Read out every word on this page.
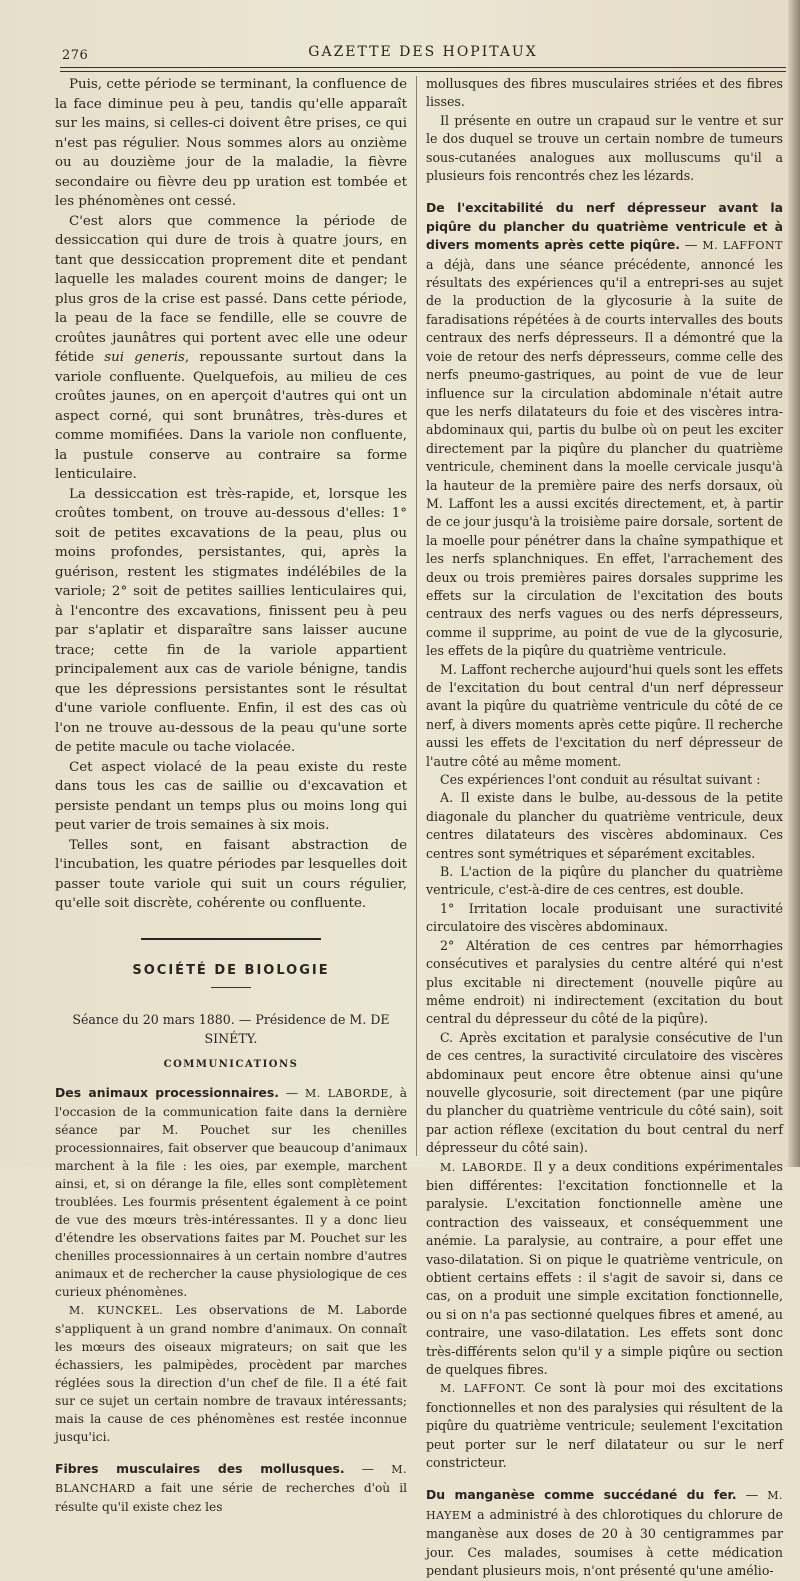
276	GAZETTE DES HOPITAUX

Puis, cette période se terminant, la confluence de la face diminue peu à peu, tandis qu'elle apparaît sur les mains, si celles-ci doivent être prises, ce qui n'est pas régulier. Nous sommes alors au onzième ou au douzième jour de la maladie, la fièvre secondaire ou fièvre deu pp uration est tombée et les phénomènes ont cessé.

C'est alors que commence la période de dessiccation qui dure de trois à quatre jours, en tant que dessiccation proprement dite et pendant laquelle les malades courent moins de danger; le plus gros de la crise est passé. Dans cette période, la peau de la face se fendille, elle se couvre de croûtes jaunâtres qui portent avec elle une odeur fétide sui generis, repoussante surtout dans la variole confluente. Quelquefois, au milieu de ces croûtes jaunes, on en aperçoit d'autres qui ont un aspect corné, qui sont brunâtres, très-dures et comme momifiées. Dans la variole non confluente, la pustule conserve au contraire sa forme lenticulaire.

La dessiccation est très-rapide, et, lorsque les croûtes tombent, on trouve au-dessous d'elles: 1° soit de petites excavations de la peau, plus ou moins profondes, persistantes, qui, après la guérison, restent les stigmates indélébiles de la variole; 2° soit de petites saillies lenticulaires qui, à l'encontre des excavations, finissent peu à peu par s'aplatir et disparaître sans laisser aucune trace; cette fin de la variole appartient principalement aux cas de variole bénigne, tandis que les dépressions persistantes sont le résultat d'une variole confluente. Enfin, il est des cas où l'on ne trouve au-dessous de la peau qu'une sorte de petite macule ou tache violacée.

Cet aspect violacé de la peau existe du reste dans tous les cas de saillie ou d'excavation et persiste pendant un temps plus ou moins long qui peut varier de trois semaines à six mois.

Telles sont, en faisant abstraction de l'incubation, les quatre périodes par lesquelles doit passer toute variole qui suit un cours régulier, qu'elle soit discrète, cohérente ou confluente.

SOCIÉTÉ DE BIOLOGIE
Séance du 20 mars 1880. — Présidence de M. DE SINÉTY.
COMMUNICATIONS

Des animaux processionnaires. — M. LABORDE, à l'occasion de la communication faite dans la dernière séance par M. Pouchet sur les chenilles processionnaires, fait observer que beaucoup d'animaux marchent à la file : les oies, par exemple, marchent ainsi, et, si on dérange la file, elles sont complètement troublées. Les fourmis présentent également à ce point de vue des mœurs très-intéressantes. Il y a donc lieu d'étendre les observations faites par M. Pouchet sur les chenilles processionnaires à un certain nombre d'autres animaux et de rechercher la cause physiologique de ces curieux phénomènes.

M. KUNCKEL. Les observations de M. Laborde s'appliquent à un grand nombre d'animaux. On connaît les mœurs des oiseaux migrateurs; on sait que les échassiers, les palmipèdes, procèdent par marches réglées sous la direction d'un chef de file. Il a été fait sur ce sujet un certain nombre de travaux intéressants; mais la cause de ces phénomènes est restée inconnue jusqu'ici.

Fibres musculaires des mollusques. — M. BLANCHARD a fait une série de recherches d'où il résulte qu'il existe chez les

mollusques des fibres musculaires striées et des fibres lisses.

Il présente en outre un crapaud sur le ventre et sur le dos duquel se trouve un certain nombre de tumeurs sous-cutanées analogues aux molluscums qu'il a plusieurs fois rencontrés chez les lézards.

De l'excitabilité du nerf dépresseur avant la piqûre du plancher du quatrième ventricule et à divers moments après cette piqûre. — M. LAFFONT a déjà, dans une séance précédente, annoncé les résultats des expériences qu'il a entrepri-ses au sujet de la production de la glycosurie à la suite de faradisations répétées à de courts intervalles des bouts centraux des nerfs dépresseurs. Il a démontré que la voie de retour des nerfs dépresseurs, comme celle des nerfs pneumo-gastriques, au point de vue de leur influence sur la circulation abdominale n'était autre que les nerfs dilatateurs du foie et des viscères intra-abdominaux qui, partis du bulbe où on peut les exciter directement par la piqûre du plancher du quatrième ventricule, cheminent dans la moelle cervicale jusqu'à la hauteur de la première paire des nerfs dorsaux, où M. Laffont les a aussi excités directement, et, à partir de ce jour jusqu'à la troisième paire dorsale, sortent de la moelle pour pénétrer dans la chaîne sympathique et les nerfs splanchniques. En effet, l'arrachement des deux ou trois premières paires dorsales supprime les effets sur la circulation de l'excitation des bouts centraux des nerfs vagues ou des nerfs dépresseurs, comme il supprime, au point de vue de la glycosurie, les effets de la piqûre du quatrième ventricule.

M. Laffont recherche aujourd'hui quels sont les effets de l'excitation du bout central d'un nerf dépresseur avant la piqûre du quatrième ventricule du côté de ce nerf, à divers moments après cette piqûre. Il recherche aussi les effets de l'excitation du nerf dépresseur de l'autre côté au même moment.

Ces expériences l'ont conduit au résultat suivant :

A. Il existe dans le bulbe, au-dessous de la petite diagonale du plancher du quatrième ventricule, deux centres dilatateurs des viscères abdominaux. Ces centres sont symétriques et séparément excitables.

B. L'action de la piqûre du plancher du quatrième ventricule, c'est-à-dire de ces centres, est double.

1° Irritation locale produisant une suractivité circulatoire des viscères abdominaux.

2° Altération de ces centres par hémorrhagies consécutives et paralysies du centre altéré qui n'est plus excitable ni directement (nouvelle piqûre au même endroit) ni indirectement (excitation du bout central du dépresseur du côté de la piqûre).

C. Après excitation et paralysie consécutive de l'un de ces centres, la suractivité circulatoire des viscères abdominaux peut encore être obtenue ainsi qu'une nouvelle glycosurie, soit directement (par une piqûre du plancher du quatrième ventricule du côté sain), soit par action réflexe (excitation du bout central du nerf dépresseur du côté sain).

M. LABORDE. Il y a deux conditions expérimentales bien différentes: l'excitation fonctionnelle et la paralysie. L'excitation fonctionnelle amène une contraction des vaisseaux, et conséquemment une anémie. La paralysie, au contraire, a pour effet une vaso-dilatation. Si on pique le quatrième ventricule, on obtient certains effets : il s'agit de savoir si, dans ce cas, on a produit une simple excitation fonctionnelle, ou si on n'a pas sectionné quelques fibres et amené, au contraire, une vaso-dilatation. Les effets sont donc très-différents selon qu'il y a simple piqûre ou section de quelques fibres.

M. LAFFONT. Ce sont là pour moi des excitations fonctionnelles et non des paralysies qui résultent de la piqûre du quatrième ventricule; seulement l'excitation peut porter sur le nerf dilatateur ou sur le nerf constricteur.

Du manganèse comme succédané du fer. — M. HAYEM a administré à des chlorotiques du chlorure de manganèse aux doses de 20 à 30 centigrammes par jour. Ces malades, soumises à cette médication pendant plusieurs mois, n'ont présenté qu'une amélio-
